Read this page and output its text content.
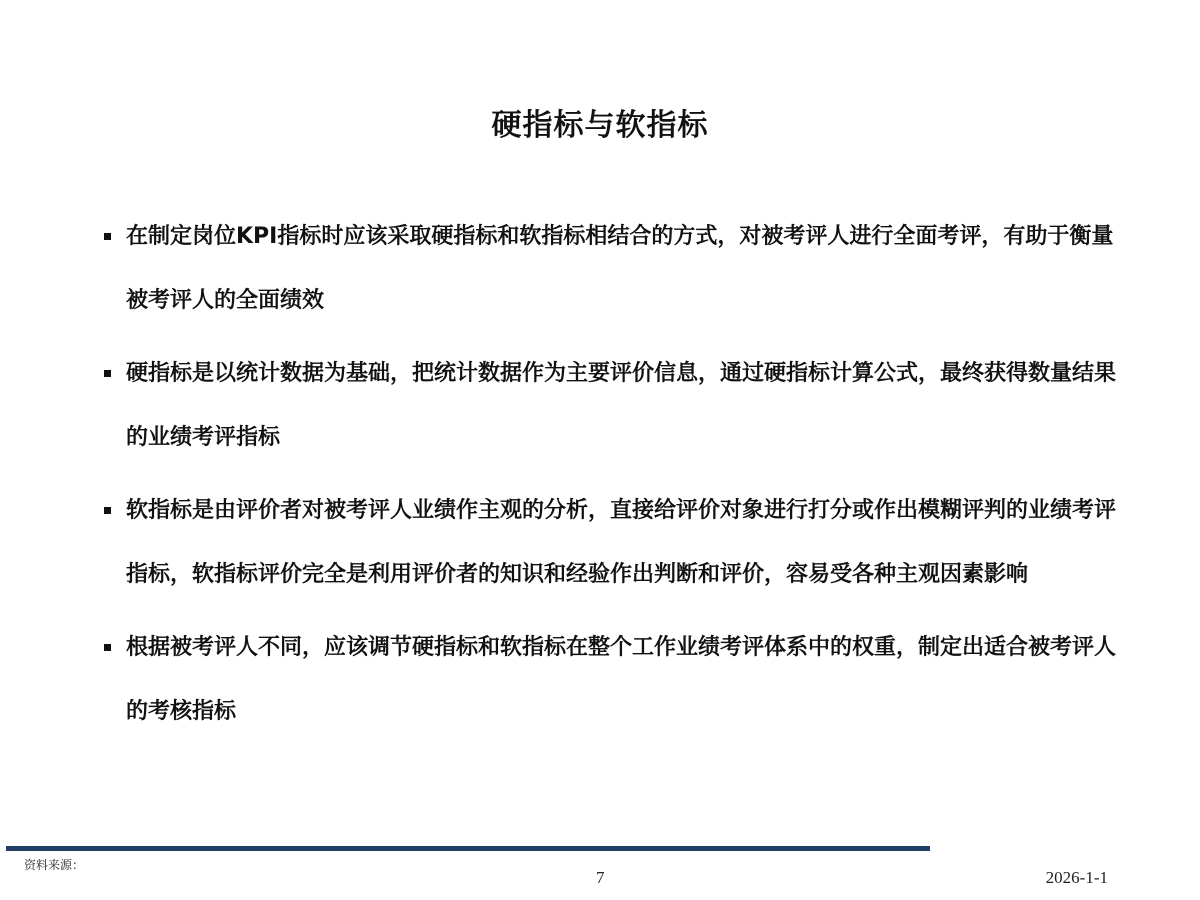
硬指标与软指标
在制定岗位KPI指标时应该采取硬指标和软指标相结合的方式，对被考评人进行全面考评，有助于衡量被考评人的全面绩效
硬指标是以统计数据为基础，把统计数据作为主要评价信息，通过硬指标计算公式，最终获得数量结果的业绩考评指标
软指标是由评价者对被考评人业绩作主观的分析，直接给评价对象进行打分或作出模糊评判的业绩考评指标，软指标评价完全是利用评价者的知识和经验作出判断和评价，容易受各种主观因素影响
根据被考评人不同，应该调节硬指标和软指标在整个工作业绩考评体系中的权重，制定出适合被考评人的考核指标
资料来源：
7	2026-1-1
